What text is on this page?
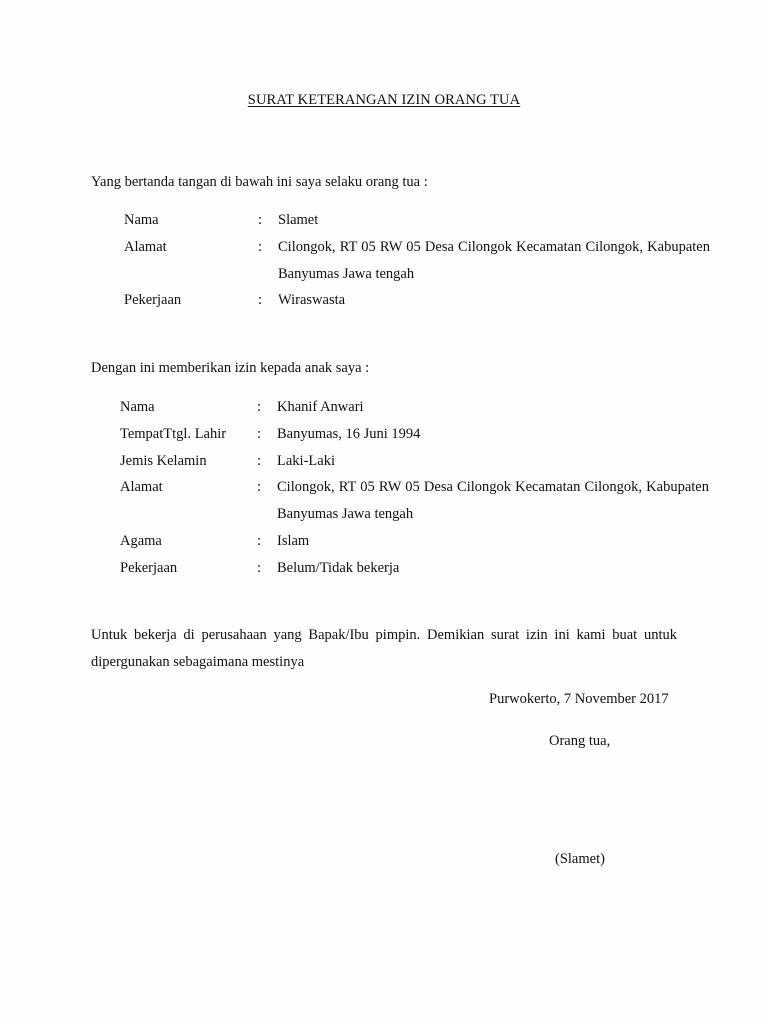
SURAT KETERANGAN IZIN ORANG TUA
Yang bertanda tangan di bawah ini saya selaku orang tua :
Nama	:	Slamet
Alamat	:	Cilongok, RT 05 RW 05 Desa Cilongok Kecamatan Cilongok, Kabupaten Banyumas Jawa tengah
Pekerjaan	:	Wiraswasta
Dengan ini memberikan izin kepada anak saya :
Nama	:	Khanif Anwari
TempatTtgl. Lahir	:	Banyumas, 16 Juni 1994
Jemis Kelamin	:	Laki-Laki
Alamat	:	Cilongok, RT 05 RW 05 Desa Cilongok Kecamatan Cilongok, Kabupaten Banyumas Jawa tengah
Agama	:	Islam
Pekerjaan	:	Belum/Tidak bekerja
Untuk bekerja di perusahaan yang Bapak/Ibu pimpin. Demikian surat izin ini kami buat untuk dipergunakan sebagaimana mestinya
Purwokerto, 7 November 2017
Orang tua,
(Slamet)
